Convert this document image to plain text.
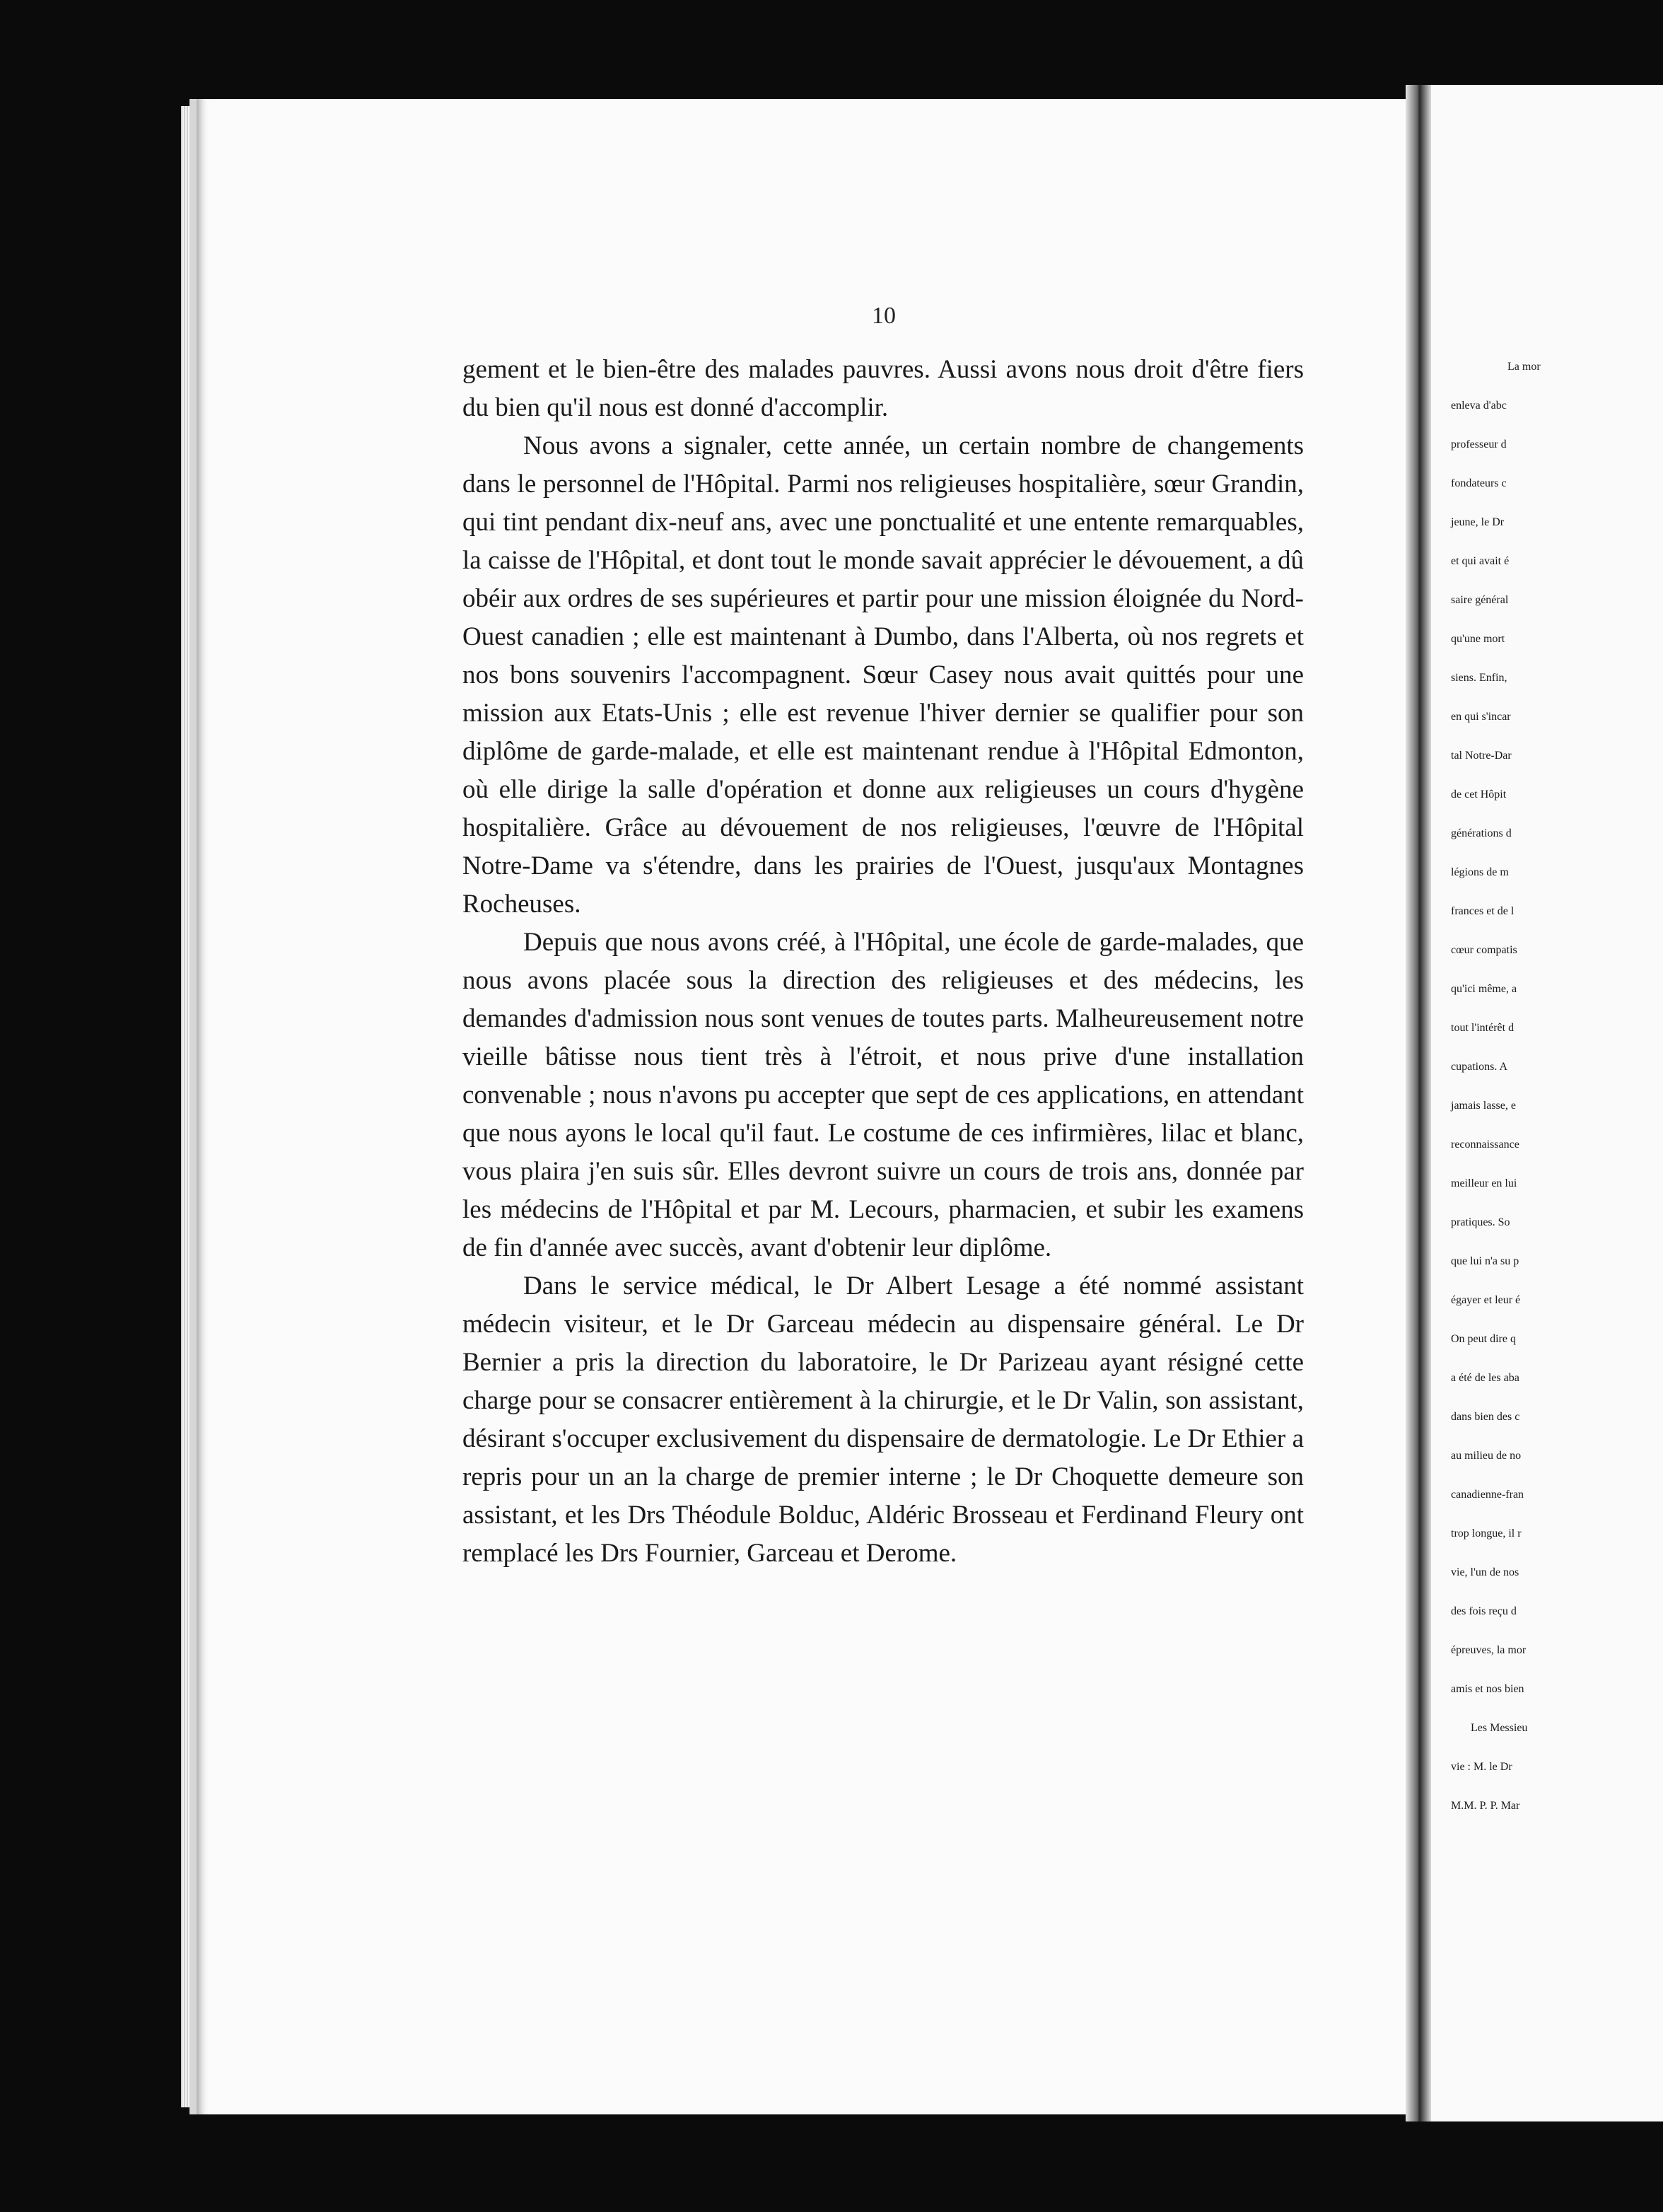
10

gement et le bien-être des malades pauvres. Aussi avons nous droit d'être fiers du bien qu'il nous est donné d'accomplir.

Nous avons a signaler, cette année, un certain nombre de changements dans le personnel de l'Hôpital. Parmi nos religieuses hospitalière, sœur Grandin, qui tint pendant dix-neuf ans, avec une ponctualité et une entente remarquables, la caisse de l'Hôpital, et dont tout le monde savait apprécier le dévouement, a dû obéir aux ordres de ses supérieures et partir pour une mission éloignée du Nord-Ouest canadien ; elle est maintenant à Dumbo, dans l'Alberta, où nos regrets et nos bons souvenirs l'accompagnent. Sœur Casey nous avait quittés pour une mission aux Etats-Unis ; elle est revenue l'hiver dernier se qualifier pour son diplôme de garde-malade, et elle est maintenant rendue à l'Hôpital Edmonton, où elle dirige la salle d'opération et donne aux religieuses un cours d'hygène hospitalière. Grâce au dévouement de nos religieuses, l'œuvre de l'Hôpital Notre-Dame va s'étendre, dans les prairies de l'Ouest, jusqu'aux Montagnes Rocheuses.

Depuis que nous avons créé, à l'Hôpital, une école de garde-malades, que nous avons placée sous la direction des religieuses et des médecins, les demandes d'admission nous sont venues de toutes parts. Malheureusement notre vieille bâtisse nous tient très à l'étroit, et nous prive d'une installation convenable ; nous n'avons pu accepter que sept de ces applications, en attendant que nous ayons le local qu'il faut. Le costume de ces infirmières, lilac et blanc, vous plaira j'en suis sûr. Elles devront suivre un cours de trois ans, donnée par les médecins de l'Hôpital et par M. Lecours, pharmacien, et subir les examens de fin d'année avec succès, avant d'obtenir leur diplôme.

Dans le service médical, le Dr Albert Lesage a été nommé assistant médecin visiteur, et le Dr Garceau médecin au dispensaire général. Le Dr Bernier a pris la direction du laboratoire, le Dr Parizeau ayant résigné cette charge pour se consacrer entièrement à la chirurgie, et le Dr Valin, son assistant, désirant s'occuper exclusivement du dispensaire de dermatologie. Le Dr Ethier a repris pour un an la charge de premier interne ; le Dr Choquette demeure son assistant, et les Drs Théodule Bolduc, Aldéric Brosseau et Ferdinand Fleury ont remplacé les Drs Fournier, Garceau et Derome.

La mor
enleva d'abc
professeur d
fondateurs c
jeune, le Dr
et qui avait é
saire général
qu'une mort
siens. Enfin,
en qui s'incar
tal Notre-Dar
de cet Hôpit
générations d
légions de m
frances et de l
cœur compatis
qu'ici même, a
tout l'intérêt d
cupations. A
jamais lasse, e
reconnaissance
meilleur en lui
pratiques. So
que lui n'a su p
égayer et leur é
On peut dire q
a été de les aba
dans bien des c
au milieu de no
canadienne-fran
trop longue, il r
vie, l'un de nos
des fois reçu d
épreuves, la mor
amis et nos bien
Les Messieu
vie : M. le Dr
M.M. P. P. Mar
